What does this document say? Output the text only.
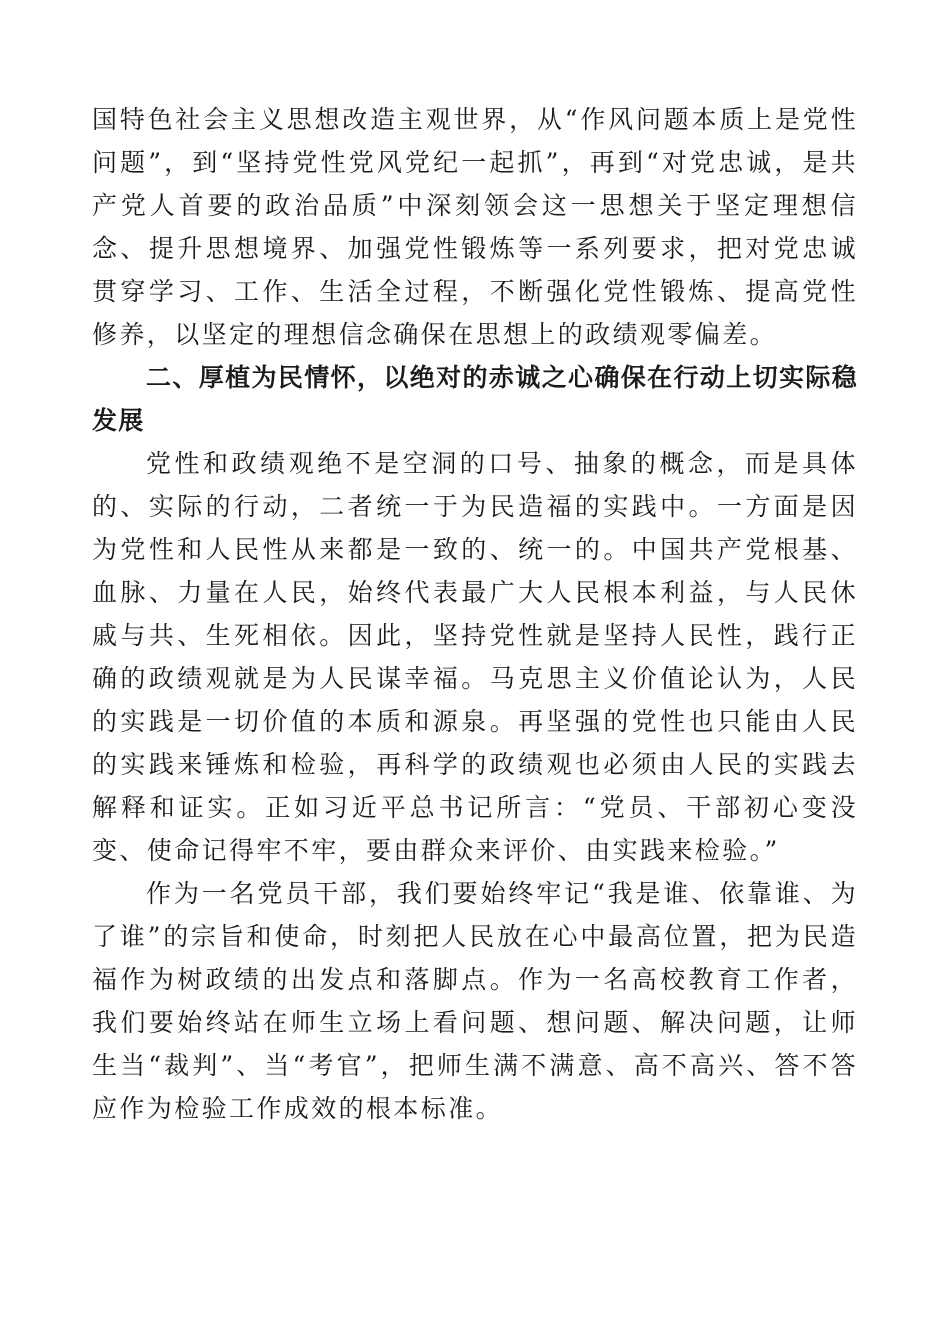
国特色社会主义思想改造主观世界，从“作风问题本质上是党性问题”，到“坚持党性党风党纪一起抓”，再到“对党忠诚，是共产党人首要的政治品质”中深刻领会这一思想关于坚定理想信念、提升思想境界、加强党性锻炼等一系列要求，把对党忠诚贯穿学习、工作、生活全过程，不断强化党性锻炼、提高党性修养，以坚定的理想信念确保在思想上的政绩观零偏差。

二、厚植为民情怀，以绝对的赤诚之心确保在行动上切实际稳发展

党性和政绩观绝不是空洞的口号、抽象的概念，而是具体的、实际的行动，二者统一于为民造福的实践中。一方面是因为党性和人民性从来都是一致的、统一的。中国共产党根基、血脉、力量在人民，始终代表最广大人民根本利益，与人民休戚与共、生死相依。因此，坚持党性就是坚持人民性，践行正确的政绩观就是为人民谋幸福。马克思主义价值论认为，人民的实践是一切价值的本质和源泉。再坚强的党性也只能由人民的实践来锤炼和检验，再科学的政绩观也必须由人民的实践去解释和证实。正如习近平总书记所言：“党员、干部初心变没变、使命记得牢不牢，要由群众来评价、由实践来检验。”

作为一名党员干部，我们要始终牢记“我是谁、依靠谁、为了谁”的宗旨和使命，时刻把人民放在心中最高位置，把为民造福作为树政绩的出发点和落脚点。作为一名高校教育工作者，我们要始终站在师生立场上看问题、想问题、解决问题，让师生当“裁判”、当“考官”，把师生满不满意、高不高兴、答不答应作为检验工作成效的根本标准。
